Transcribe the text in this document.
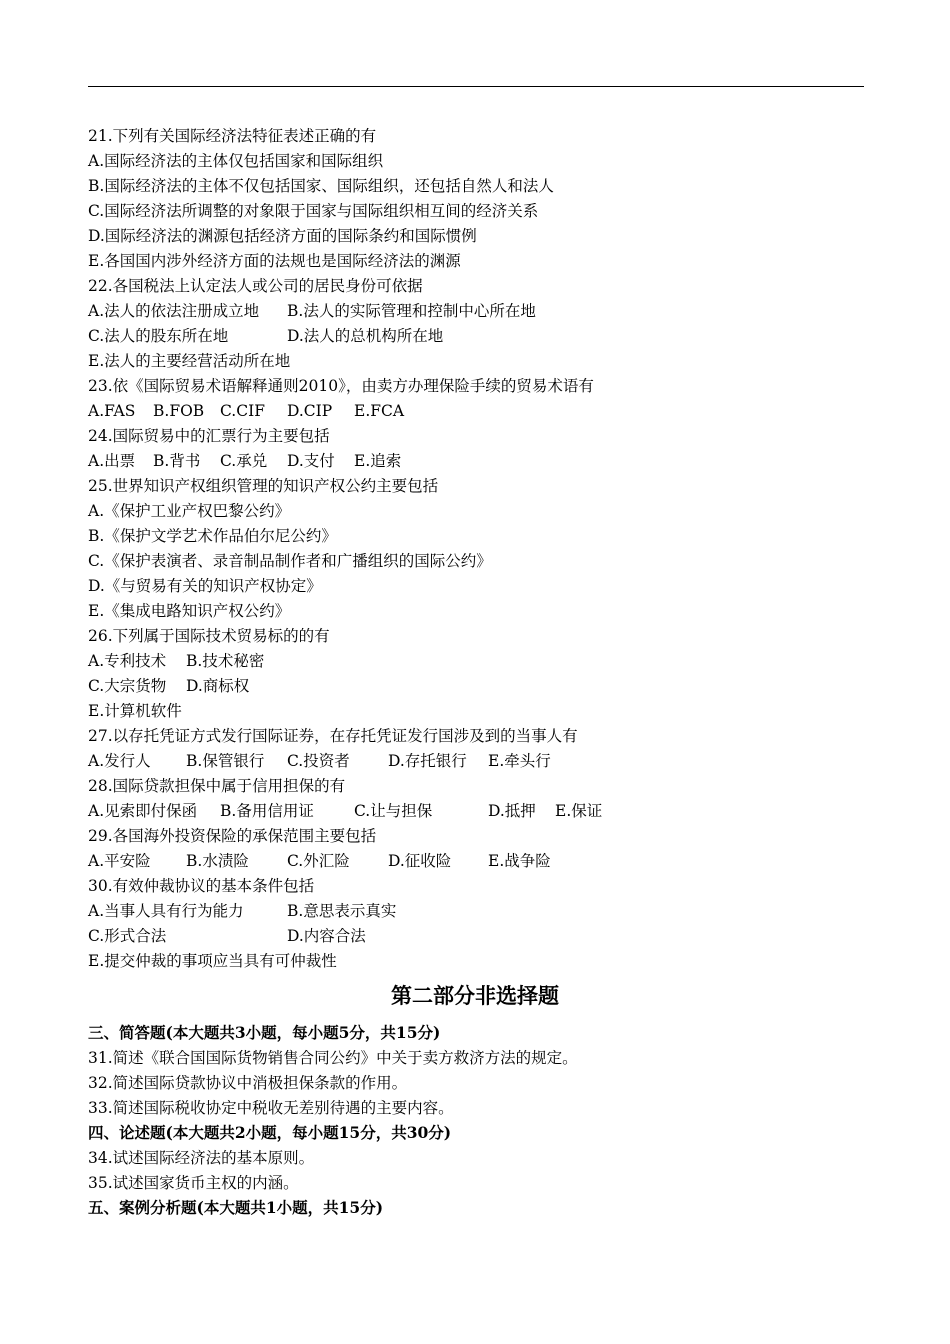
21.下列有关国际经济法特征表述正确的有
A.国际经济法的主体仅包括国家和国际组织
B.国际经济法的主体不仅包括国家、国际组织，还包括自然人和法人
C.国际经济法所调整的对象限于国家与国际组织相互间的经济关系
D.国际经济法的渊源包括经济方面的国际条约和国际惯例
E.各国国内涉外经济方面的法规也是国际经济法的渊源
22.各国税法上认定法人或公司的居民身份可依据
A.法人的依法注册成立地 B.法人的实际管理和控制中心所在地
C.法人的股东所在地	D.法人的总机构所在地
E.法人的主要经营活动所在地
23.依《国际贸易术语解释通则2010》，由卖方办理保险手续的贸易术语有
A.FAS B.FOB C.CIF D.CIP E.FCA
24.国际贸易中的汇票行为主要包括
A.出票 B.背书 C.承兑 D.支付 E.追索
25.世界知识产权组织管理的知识产权公约主要包括
A.《保护工业产权巴黎公约》
B.《保护文学艺术作品伯尔尼公约》
C.《保护表演者、录音制品制作者和广播组织的国际公约》
D.《与贸易有关的知识产权协定》
E.《集成电路知识产权公约》
26.下列属于国际技术贸易标的的有
A.专利技术 B.技术秘密
C.大宗货物 D.商标权
E.计算机软件
27.以存托凭证方式发行国际证券，在存托凭证发行国涉及到的当事人有
A.发行人 B.保管银行 C.投资者 D.存托银行 E.牵头行
28.国际贷款担保中属于信用担保的有
A.见索即付保函 B.备用信用证	C.让与担保	D.抵押 E.保证
29.各国海外投资保险的承保范围主要包括
A.平安险 B.水渍险 C.外汇险 D.征收险 E.战争险
30.有效仲裁协议的基本条件包括
A.当事人具有行为能力	B.意思表示真实
C.形式合法	D.内容合法
E.提交仲裁的事项应当具有可仲裁性
第二部分非选择题
三、简答题(本大题共3小题，每小题5分，共15分)
31.简述《联合国国际货物销售合同公约》中关于卖方救济方法的规定。
32.简述国际贷款协议中消极担保条款的作用。
33.简述国际税收协定中税收无差别待遇的主要内容。
四、论述题(本大题共2小题，每小题15分，共30分)
34.试述国际经济法的基本原则。
35.试述国家货币主权的内涵。
五、案例分析题(本大题共1小题，共15分)
